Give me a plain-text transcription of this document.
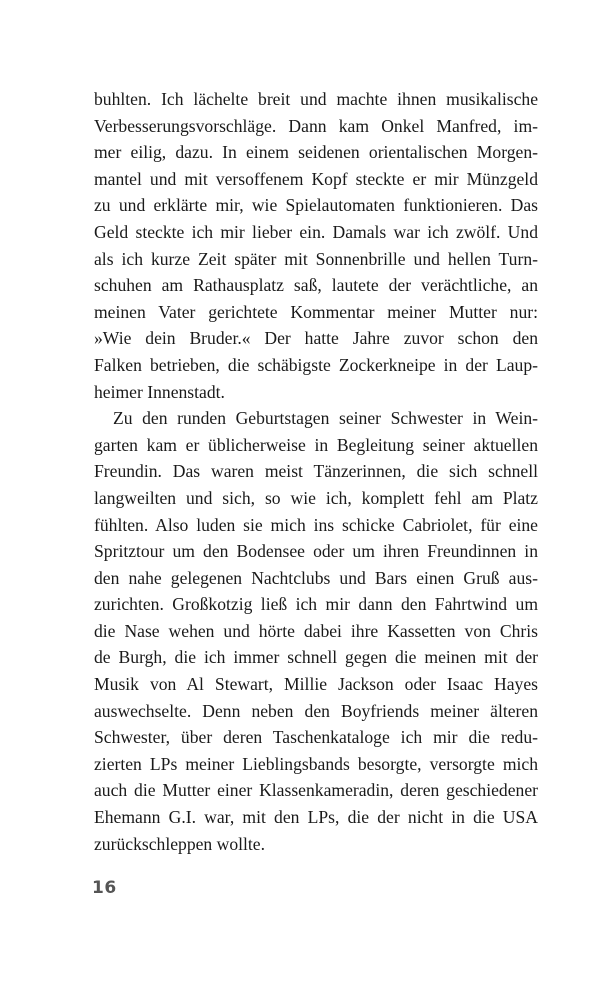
buhlten. Ich lächelte breit und machte ihnen musikalische
Verbesserungsvorschläge. Dann kam Onkel Manfred, im-
mer eilig, dazu. In einem seidenen orientalischen Morgen-
mantel und mit versoffenem Kopf steckte er mir Münzgeld
zu und erklärte mir, wie Spielautomaten funktionieren. Das
Geld steckte ich mir lieber ein. Damals war ich zwölf. Und
als ich kurze Zeit später mit Sonnenbrille und hellen Turn-
schuhen am Rathausplatz saß, lautete der verächtliche, an
meinen Vater gerichtete Kommentar meiner Mutter nur:
»Wie dein Bruder.« Der hatte Jahre zuvor schon den
Falken betrieben, die schäbigste Zockerkneipe in der Laup-
heimer Innenstadt.

Zu den runden Geburtstagen seiner Schwester in Wein-
garten kam er üblicherweise in Begleitung seiner aktuellen
Freundin. Das waren meist Tänzerinnen, die sich schnell
langweilten und sich, so wie ich, komplett fehl am Platz
fühlten. Also luden sie mich ins schicke Cabriolet, für eine
Spritztour um den Bodensee oder um ihren Freundinnen in
den nahe gelegenen Nachtclubs und Bars einen Gruß aus-
zurichten. Großkotzig ließ ich mir dann den Fahrtwind um
die Nase wehen und hörte dabei ihre Kassetten von Chris
de Burgh, die ich immer schnell gegen die meinen mit der
Musik von Al Stewart, Millie Jackson oder Isaac Hayes
auswechselte. Denn neben den Boyfriends meiner älteren
Schwester, über deren Taschenkataloge ich mir die redu-
zierten LPs meiner Lieblingsbands besorgte, versorgte mich
auch die Mutter einer Klassenkameradin, deren geschiedener
Ehemann G.I. war, mit den LPs, die der nicht in die USA
zurückschleppen wollte.

16
